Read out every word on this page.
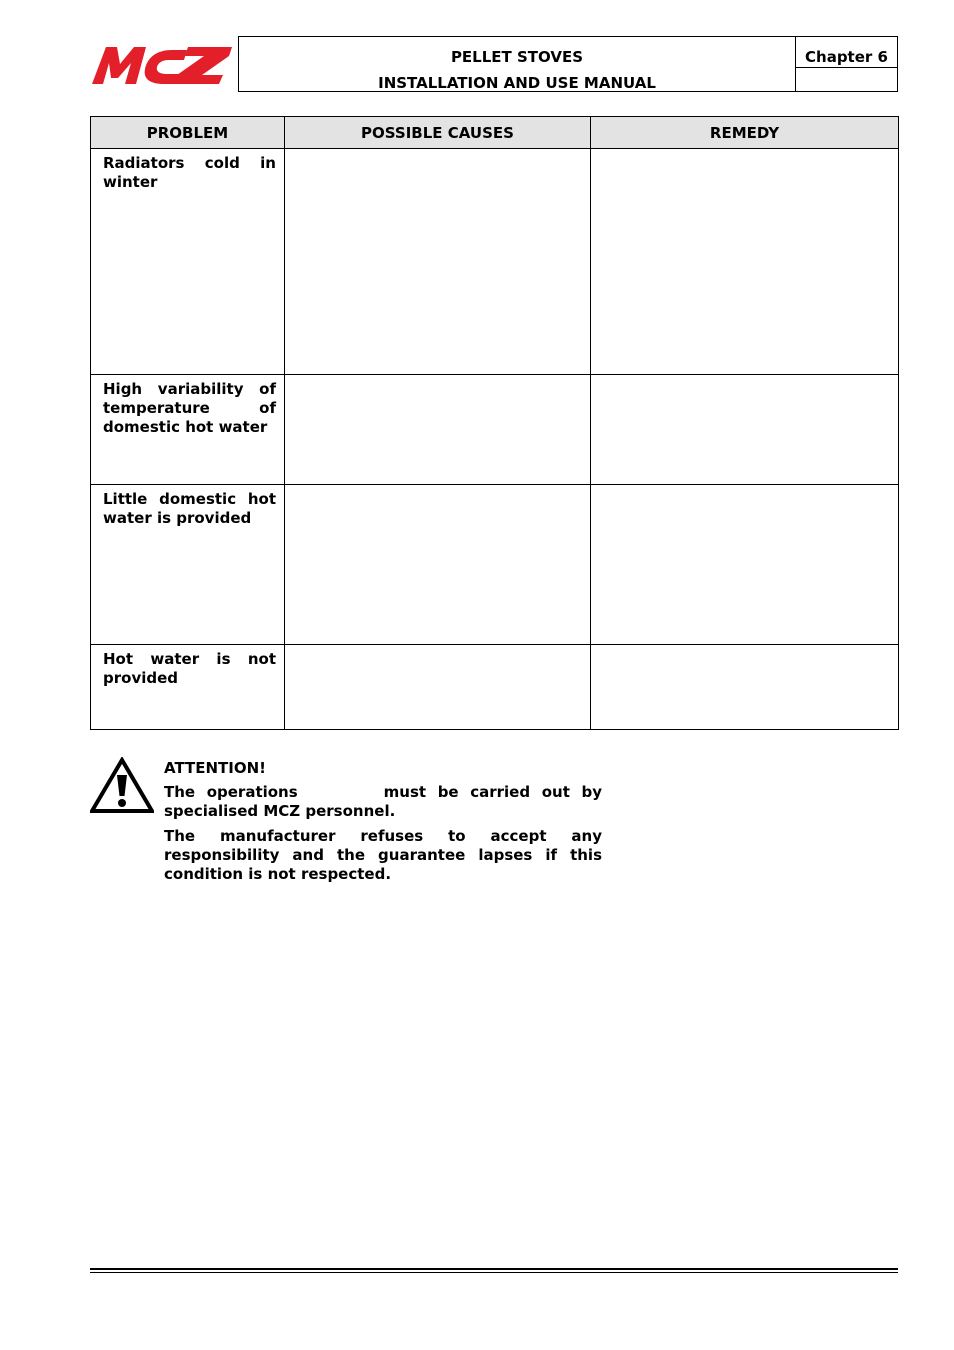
PELLET STOVES
INSTALLATION AND USE MANUAL
Chapter 6
PROBLEM	POSSIBLE CAUSES	REMEDY
Radiators cold in winter		
High variability of temperature of domestic hot water		
Little domestic hot water is provided		
Hot water is not provided		

ATTENTION!

The operations	must be carried out by specialised MCZ personnel.

The manufacturer refuses to accept any responsibility and the guarantee lapses if this condition is not respected.
